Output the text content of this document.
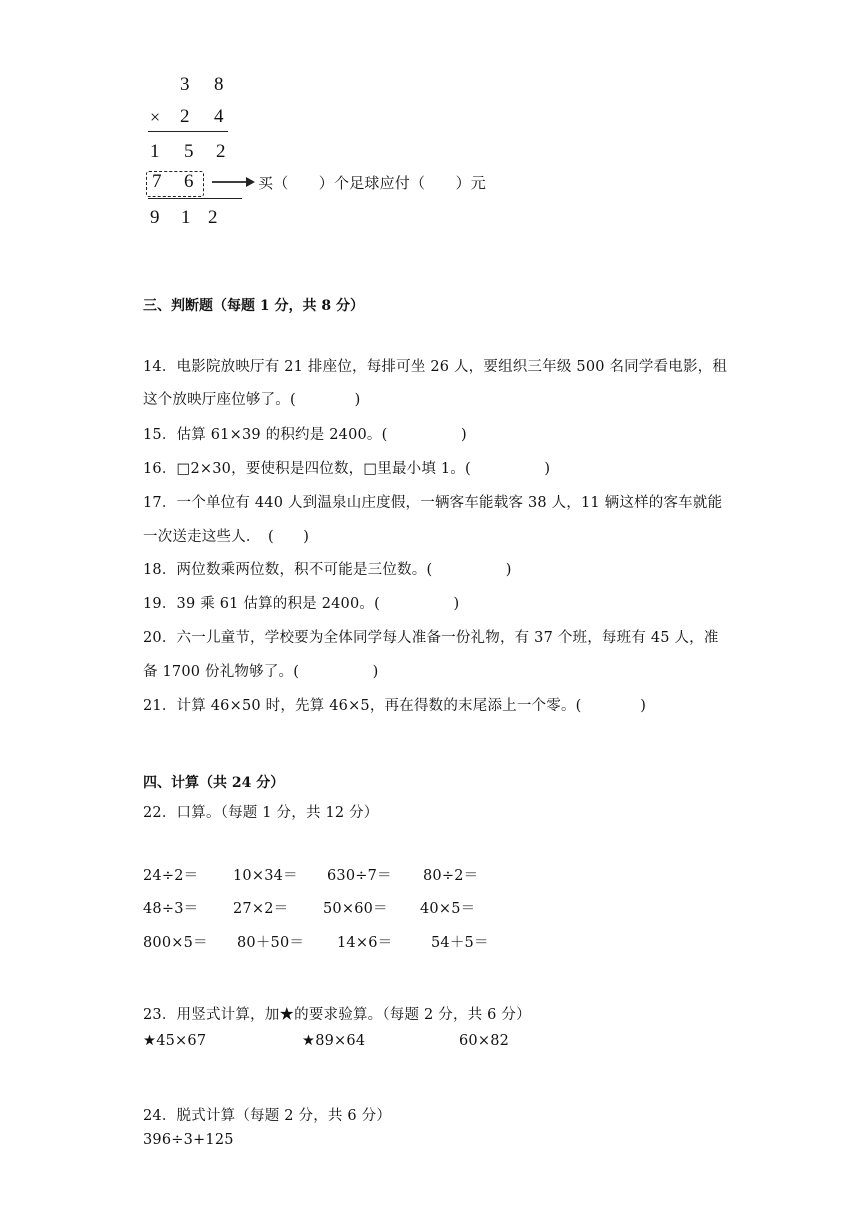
3 8
× 2 4
1 5 2
7 6	买（　　）个足球应付（　　）元
9 1 2
三、判断题（每题 1 分，共 8 分）
14．电影院放映厅有 21 排座位，每排可坐 26 人，要组织三年级 500 名同学看电影，租
这个放映厅座位够了。(　　　　)
15．估算 61×39 的积约是 2400。(　　　　　)
16．□2×30，要使积是四位数，□里最小填 1。(　　　　　)
17．一个单位有 440 人到温泉山庄度假，一辆客车能载客 38 人，11 辆这样的客车就能
一次送走这些人．　(　　)
18．两位数乘两位数，积不可能是三位数。(　　　　　)
19．39 乘 61 估算的积是 2400。(　　　　　)
20．六一儿童节，学校要为全体同学每人准备一份礼物，有 37 个班，每班有 45 人，准
备 1700 份礼物够了。(　　　　　)
21．计算 46×50 时，先算 46×5，再在得数的末尾添上一个零。(　　　　)
四、计算（共 24 分）
22．口算。（每题 1 分，共 12 分）
24÷2＝ 10×34＝ 630÷7＝ 80÷2＝
48÷3＝ 27×2＝ 50×60＝ 40×5＝
800×5＝ 80＋50＝ 14×6＝	54＋5＝
23．用竖式计算，加★的要求验算。（每题 2 分，共 6 分）
★45×67	★89×64	60×82
24．脱式计算（每题 2 分，共 6 分）
396÷3+125
